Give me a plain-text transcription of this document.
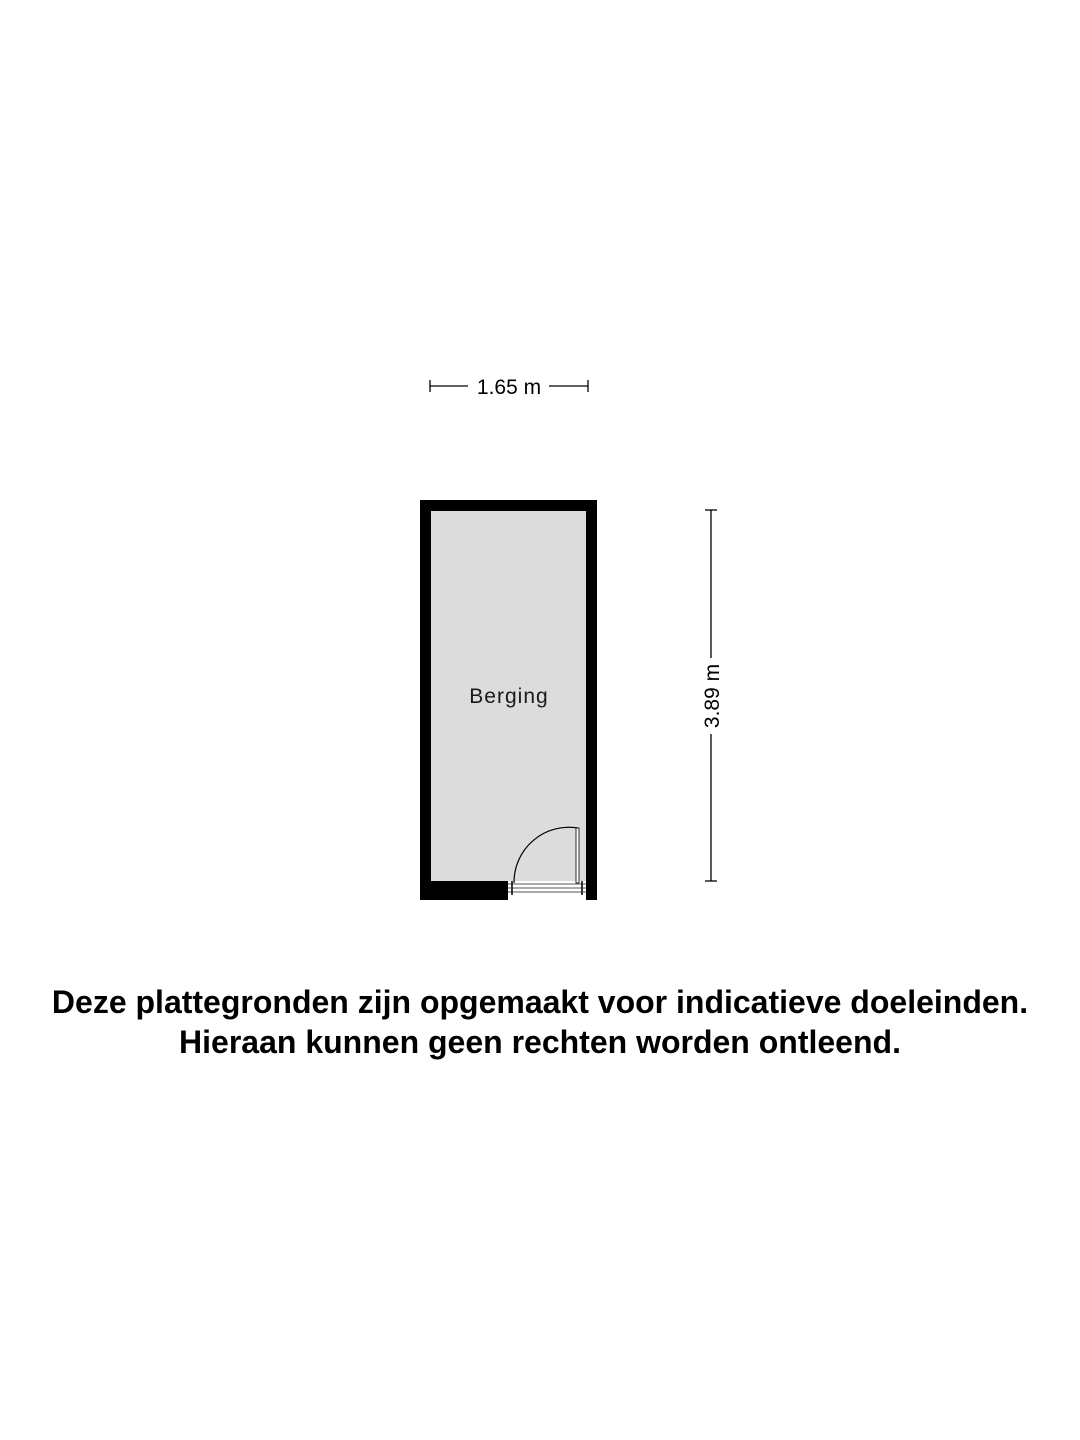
1.65 m
Berging	3.89 m
Deze plattegronden zijn opgemaakt voor indicatieve doeleinden.
Hieraan kunnen geen rechten worden ontleend.
